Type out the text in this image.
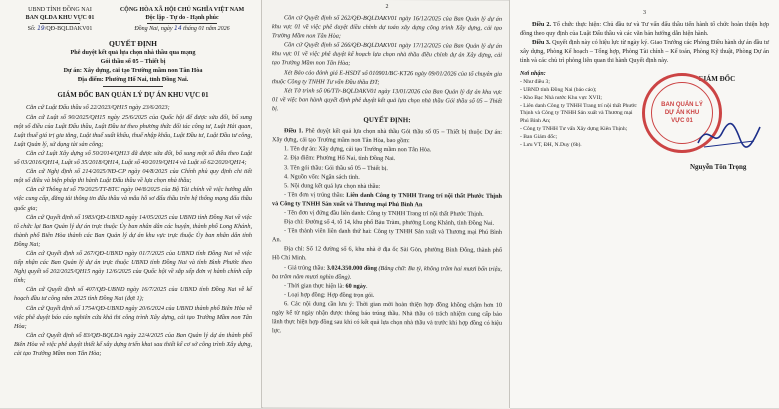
UBND TỈNH ĐỒNG NAI
BAN QLDA KHU VỰC 01
Số: 19/QĐ-BQLDAKV01
CỘNG HÒA XÃ HỘI CHỦ NGHĨA VIỆT NAM
Độc lập - Tự do - Hạnh phúc
Đồng Nai, ngày 14 tháng 01 năm 2026
QUYẾT ĐỊNH

Phê duyệt kết quả lựa chọn nhà thầu qua mạng

Gói thầu số 05 – Thiết bị

Dự án: Xây dựng, cải tạo Trường mầm non Tân Hòa

Địa điểm: Phường Hố Nai, tỉnh Đồng Nai.

GIÁM ĐỐC BAN QUẢN LÝ DỰ ÁN KHU VỰC 01

Căn cứ Luật Đấu thầu số 22/2023/QH15 ngày 23/6/2023;

Căn cứ Luật số 90/2025/QH15 ngày 25/6/2025 của Quốc hội để được sửa đổi, bổ sung một số điều của Luật Đấu thầu, Luật Đầu tư theo phương thức đối tác công tư, Luật Hải quan, Luật thuế giá trị gia tăng, Luật thuế xuất khẩu, thuế nhập khẩu, Luật Đầu tư, Luật Đầu tư công, Luật Quản lý, sử dụng tài sản công;

Căn cứ Luật Xây dựng số 50/2014/QH13 đã được sửa đổi, bổ sung một số điều theo Luật số 03/2016/QH14, Luật số 35/2018/QH14, Luật số 40/2019/QH14 và Luật số 62/2020/QH14;

Căn cứ Nghị định số 214/2025/NĐ-CP ngày 04/8/2025 của Chính phủ quy định chi tiết một số điều và biện pháp thi hành Luật Đấu thầu về lựa chọn nhà thầu;

Căn cứ Thông tư số 79/2025/TT-BTC ngày 04/8/2025 của Bộ Tài chính về việc hướng dẫn việc cung cấp, đăng tải thông tin đấu thầu và mẫu hồ sơ đấu thầu trên hệ thống mạng đấu thầu quốc gia;

Căn cứ Quyết định số 1983/QĐ-UBND ngày 14/05/2025 của UBND tỉnh Đồng Nai về việc tổ chức lại Ban Quản lý dự án trực thuộc Ủy ban nhân dân các huyện, thành phố Long Khánh, thành phố Biên Hòa thành các Ban Quản lý dự án khu vực trực thuộc Ủy ban nhân dân tỉnh Đồng Nai;

Căn cứ Quyết định số 267/QĐ-UBND ngày 01/7/2025 của UBND tỉnh Đồng Nai về việc tiếp nhận các Ban Quản lý dự án trực thuộc UBND tỉnh Đồng Nai và tỉnh Bình Phước theo Nghị quyết số 202/2025/QH15 ngày 12/6/2025 của Quốc hội về sắp xếp đơn vị hành chính cấp tỉnh;

Căn cứ Quyết định số 407/QĐ-UBND ngày 16/7/2025 của UBND tỉnh Đồng Nai về kế hoạch đầu tư công năm 2025 tỉnh Đồng Nai (đợt 1);

Căn cứ Quyết định số 1754/QĐ-UBND ngày 20/6/2024 của UBND thành phố Biên Hòa về việc phê duyệt báo cáo nghiên cứu khả thi công trình Xây dựng, cải tạo Trường Mầm non Tân Hòa;

Căn cứ Quyết định số 83/QĐ-BQLDA ngày 22/4/2025 của Ban Quản lý dự án thành phố Biên Hòa về việc phê duyệt thiết kế xây dựng triển khai sau thiết kế cơ sở công trình Xây dựng, cải tạo Trường Mầm non Tân Hòa;

2

Căn cứ Quyết định số 262/QĐ-BQLDAKV01 ngày 16/12/2025 của Ban Quản lý dự án khu vực 01 về việc phê duyệt điều chỉnh dự toán xây dựng công trình Xây dựng, cải tạo Trường Mầm non Tân Hòa;

Căn cứ Quyết định số 266/QĐ-BQLDAKV01 ngày 17/12/2025 của Ban Quản lý dự án khu vực 01 về việc phê duyệt kế hoạch lựa chọn nhà thầu điều chỉnh dự án Xây dựng, cải tạo Trường Mầm non Tân Hòa;

Xét Báo cáo đánh giá E-HSDT số 010901/BC-KT26 ngày 09/01/2026 của tổ chuyên gia thuộc Công ty TNHH Tư vấn Đầu thầu ĐT;

Xét Tờ trình số 06/TTr-BQLDAKV01 ngày 13/01/2026 của Ban Quản lý dự án khu vực 01 về việc ban hành quyết định phê duyệt kết quả lựa chọn nhà thầu Gói thầu số 05 – Thiết bị.

QUYẾT ĐỊNH:

Điều 1. Phê duyệt kết quả lựa chọn nhà thầu Gói thầu số 05 – Thiết bị thuộc Dự án: Xây dựng, cải tạo Trường mầm non Tân Hòa, bao gồm:

1. Tên dự án: Xây dựng, cải tạo Trường mầm non Tân Hòa.

2. Địa điểm: Phường Hố Nai, tỉnh Đồng Nai.

3. Tên gói thầu: Gói thầu số 05 – Thiết bị.

4. Nguồn vốn: Ngân sách tỉnh.

5. Nội dung kết quả lựa chọn nhà thầu:

- Tên đơn vị trúng thầu: Liên danh Công ty TNHH Trang trí nội thất Phước Thịnh và Công ty TNHH Sản xuất và Thương mại Phú Bình An

- Tên đơn vị đứng đầu liên danh: Công ty TNHH Trang trí nội thất Phước Thịnh.

Địa chỉ: Đường số 4, tổ 14, khu phố Bàu Tràm, phường Long Khánh, tỉnh Đồng Nai.

- Tên thành viên liên danh thứ hai: Công ty TNHH Sản xuất và Thương mại Phú Bình An.

Địa chỉ: Số 12 đường số 6, khu nhà ở địa ốc Sài Gòn, phường Bình Đông, thành phố Hồ Chí Minh.

- Giá trúng thầu: 3.024.350.000 đồng (Bằng chữ: Ba tỷ, không trăm hai mươi bốn triệu, ba trăm năm mươi nghìn đồng).

- Thời gian thực hiện là: 60 ngày.

- Loại hợp đồng: Hợp đồng trọn gói.

6. Các nội dung cần lưu ý: Thời gian mời hoàn thiện hợp đồng không chậm hơn 10 ngày kể từ ngày nhận được thông báo trúng thầu. Nhà thầu có trách nhiệm cung cấp bảo lãnh thực hiện hợp đồng sau khi có kết quả lựa chọn nhà thầu và trước khi hợp đồng có hiệu lực.

3

Điều 2. Tổ chức thực hiện: Chủ đầu tư và Tư vấn đấu thầu tiến hành tổ chức hoàn thiện hợp đồng theo quy định của Luật Đấu thầu và các văn bản hướng dẫn hiện hành.

Điều 3. Quyết định này có hiệu lực từ ngày ký. Giao Trưởng các Phòng Điều hành dự án đầu tư xây dựng, Phòng Kế hoạch – Tổng hợp, Phòng Tài chính – Kế toán, Phòng Kỹ thuật, Phòng Dự án tỉnh và các chủ trì phòng liên quan thi hành Quyết định này.

Nơi nhận:
- Như điều 3;
- UBND tỉnh Đồng Nai (báo cáo);
- Kho Bạc Nhà nước Khu vực XVII;
- Liên danh Công ty TNHH Trang trí nội thất Phước Thịnh và Công ty TNHH Sản xuất và Thương mại Phú Bình An;
- Công ty TNHH Tư vấn Xây dựng Kiên Thịnh;
- Ban Giám đốc;
- Lưu VT, ĐH, N.Duy (6b).
GIÁM ĐỐC
BAN QUẢN LÝ DỰ ÁN KHU VỰC 01
Nguyễn Tôn Trọng
